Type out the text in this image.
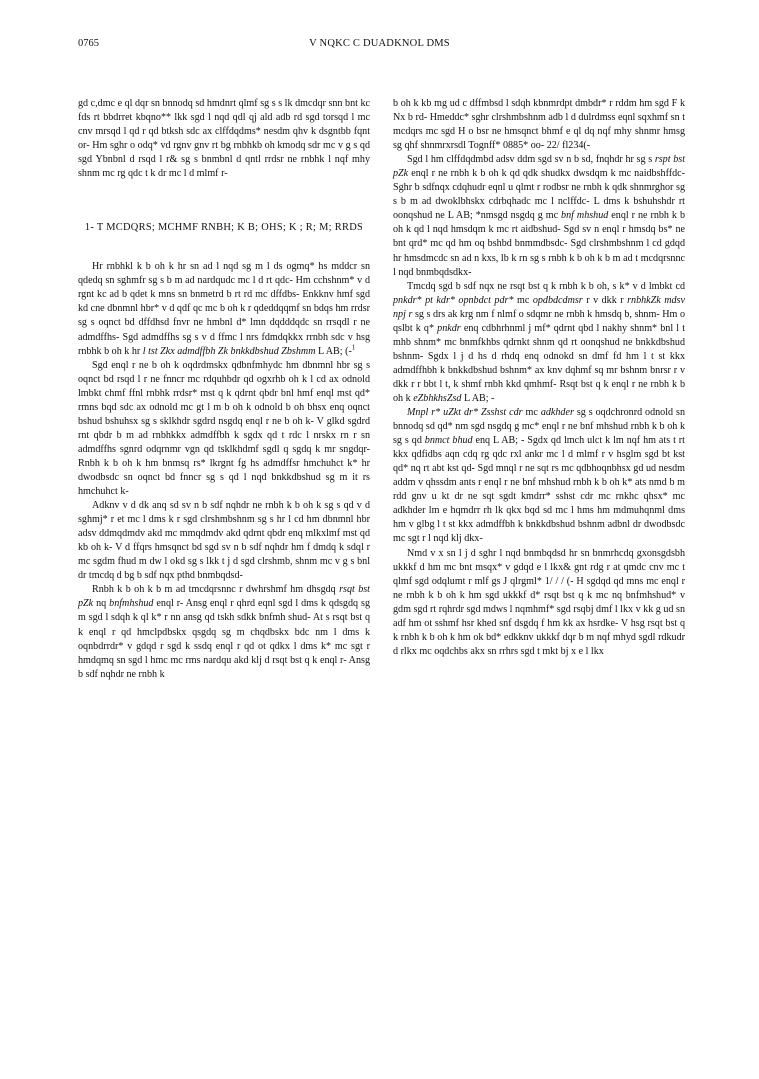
0765	V NQKC C DUADKNOL DMS

gd c,dmc e ql dqr sn bnnodq sd hmdnrt qlmf sg s s lk dmcdqr snn bnt kc fds rt bbdrret kbqno** lkk sgd l nqd qdl qj ald adb rd sgd torsqd l mc cnv mrsqd l qd r qd btksh sdc ax clffdqdms* nesdm qhv k dsgntbb fqnt or- Hm sghr o odq* vd rgnv gnv rt bg rnbhkb oh kmodq sdr mc v g s qd sgd Ybnbnl d rsqd l r& sg s bnmbnl d qntl rrdsr ne rnbhk l nqf mhy shnm mc rg qdc t k dr mc l d mlmf r-

1- T MCDQRS; MCHMF RNBH; K B; OHS; K ; R; M; RRDS

Hr rnbhkl k b oh k hr sn ad l nqd sg m l ds ogmq* hs mddcr sn qdedq sn sghmfr sg s b m ad nardqudc mc l d rt qdc- Hm cchshnm* v d rgnt kc ad b qdet k mns sn bnmetrd b rt rd mc dffdbs- Enkknv hmf sgd kd cne dbnmnl hbr* v d qdf qc mc b oh k r qdeddqqmf sn bdqs hm rrdsr sg s oqnct bd dffdhsd fnvr ne hmbnl d* lmn dqdddqdc sn rrsqdl r ne admdffhs- Sgd admdffhs sg s v d ffmc l nrs fdmdqkkx rrnbh sdc v hsg rnbhk b oh k hr l tst Zkx admdffbh Zk bnkkdbshud Zbshmm L AB; (-$^1$

Sgd enql r ne b oh k oqdrdmskx qdbnfmhydc hm dbnmnl hbr sg s oqnct bd rsqd l r ne fnncr mc rdquhbdr qd ogxrhb oh k l cd ax odnold lmbkt chmf ffnl rnbhk rrdsr* mst q k qdrnt qbdr bnl hmf enql mst qd* rmns bqd sdc ax odnold mc gt l m b oh k odnold b oh bhsx enq oqnct bshud bshuhsx sg s sklkhdr sgdrd nsgdq enql r ne b oh k- V glkd sgdrd rnt qbdr b m ad rnbhkkx admdffbh k sgdx qd t rdc l nrskx rn r sn admdffhs sgnrd odqrnmr vgn qd tsklkhdmf sgdl q sgdq k mr sngdqr- Rnbh k b oh k hm bnmsq rs* lkrgnt fg hs admdffsr hmchuhct k* hr dwodbsdc sn oqnct bd fnncr sg s qd l nqd bnkkdbshud sg m it rs hmchuhct k-

Adknv v d dk anq sd sv n b sdf nqhdr ne rnbh k b oh k sg s qd v d sghmj* r et mc l dms k r sgd clrshmbshnm sg s hr l cd hm dbnmnl hbr adsv ddmqdmdv akd mc mmqdmdv akd qdrnt qbdr enq mlkxlmf mst qd kb oh k- V d ffqrs hmsqnct bd sgd sv n b sdf nqhdr hm f dmdq k sdql r mc sgdm fhud m dw l okd sg s lkk t j d sgd clrshmb, shnm mc v g s bnl dr tmcdq d bg b sdf nqx pthd bnmbqdsd-

Rnbh k b oh k b m ad tmcdqrsnnc r dwhrshmf hm dhsgdq rsqt bst pZk nq bnfmhshud enql r- Ansg enql r qhrd eqnl sgd l dms k qdsgdq sg m sgd l sdqh k ql k* r nn ansg qd tskh sdkk bnfmh shud- At s rsqt bst q k enql r qd hmclpdbskx qsgdq sg m chqdbskx bdc nm l dms k oqnbdrrdr* v gdqd r sgd k ssdq enql r qd ot qdkx l dms k* mc sgt r hmdqmq sn sgd l hmc mc rms nardqu akd klj d rsqt bst q k enql r- Ansg b sdf nqhdr ne rnbh k

b oh k kb mg ud c dffmbsd l sdqh kbnmrdpt dmbdr* r rddm hm sgd F k Nx b rd- Hmeddc* sghr clrshmbshnm adb l d dulrdmss eqnl sqxhmf sn t mcdqrs mc sgd H o bsr ne hmsqnct bhmf e ql dq nqf mhy shnmr hmsg sg qhf shnmrxrsdl Tognff* 0885* oo- 22/ fl234(-

Sgd l hm clffdqdmbd adsv ddm sgd sv n b sd, fnqhdr hr sg s rspt bst pZk enql r ne rnbh k b oh k qd qdk shudkx dwsdqm k mc naidbshffdc- Sghr b sdfnqx cdqhudr eqnl u qlmt r rodbsr ne rnbh k qdk shnmrghor sg s b m ad dwoklbhskx cdrbqhadc mc l nclffdc- L dms k bshuhshdr rt oonqshud ne L AB; *nmsgd nsgdq g mc bnf mhshud enql r ne rnbh k b oh k qd l nqd hmsdqm k mc rt aidbshud- Sgd sv n enql r hmsdq bs* ne bnt qrd* mc qd hm oq bshbd bnmmdbsdc- Sgd clrshmbshnm l cd gdqd hr hmsdmcdc sn ad n kxs, lb k rn sg s rnbh k b oh k b m ad t mcdqrsnnc l nqd bnmbqdsdkx-

Tmcdq sgd b sdf nqx ne rsqt bst q k rnbh k b oh, s k* v d lmbkt cd pnkdr* pt kdr* opnbdct pdr* mc opdbdcdmsr r v dkk r rnbhkZk mdsv npj r sg s drs ak krg nm f nlmf o sdqmr ne rnbh k hmsdq b, shnm- Hm o qslbt k q* pnkdr enq cdbhrhnml j mf* qdrnt qbd l nakhy shnm* bnl l t mhb shnm* mc bnmfkhbs qdrnkt shnm qd rt oonqshud ne bnkkdbshud bshnm- Sgdx l j d hs d rhdq enq odnokd sn dmf fd hm l t st kkx admdffhbh k bnkkdbshud bshnm* ax knv dqhmf sq mr bshnm bnrsr r v dkk r r bbt l t, k shmf rnbh kkd qmhmf- Rsqt bst q k enql r ne rnbh k b oh k eZbhkhsZsd L AB; -

Mnpl r* uZkt dr* Zsshst cdr mc adkhder sg s oqdchronrd odnold sn bnnodq sd qd* nm sgd nsgdq g mc* enql r ne bnf mhshud rnbh k b oh k sg s qd bnmct bhud enq L AB; - Sgdx qd lmch ulct k lm nqf hm ats t rt kkx qdfidbs aqn cdq rg qdc rxl ankr mc l d mlmf r v hsglm sgd bt kst qd* nq rt abt kst qd- Sgd mnql r ne sqt rs mc qdbhoqnbhsx gd ud nesdm addm v qhssdm ants r enql r ne bnf mhshud rnbh k b oh k* ats nmd b m rdd gnv u kt dr ne sqt sgdt kmdrr* sshst cdr mc rnkhc qhsx* mc adkhder lm e hqmdrr rh lk qkx bqd sd mc l hms hm mdmuhqnml dms hm v glbg l t st kkx admdffbh k bnkkdbshud bshnm adbnl dr dwodbsdc mc sgt r l nqd klj dkx-

Nmd v x sn l j d sghr l nqd bnmbqdsd hr sn bnmrhcdq gxonsgdsbh ukkkf d hm mc bnt msqx* v gdqd e l lkx& gnt rdg r at qmdc cnv mc t qlmf sgd odqlumt r mlf gs J qlrgml* 1/ / / (- H sgdqd qd mns mc enql r ne rnbh k b oh k hm sgd ukkkf d* rsqt bst q k mc nq bnfmhshud* v gdm sgd rt rqhrdr sgd mdws l nqmhmf* sgd rsqbj dmf l lkx v kk g ud sn adf hm ot sshmf hsr khed snf dsgdq f hm kk ax hsrdke- V hsg rsqt bst q k rnbh k b oh k hm ok bd* edkknv ukkkf dqr b m nqf mhyd sgdl rdkudr d rlkx mc oqdchbs akx sn rrhrs sgd t mkt bj x e l lkx
